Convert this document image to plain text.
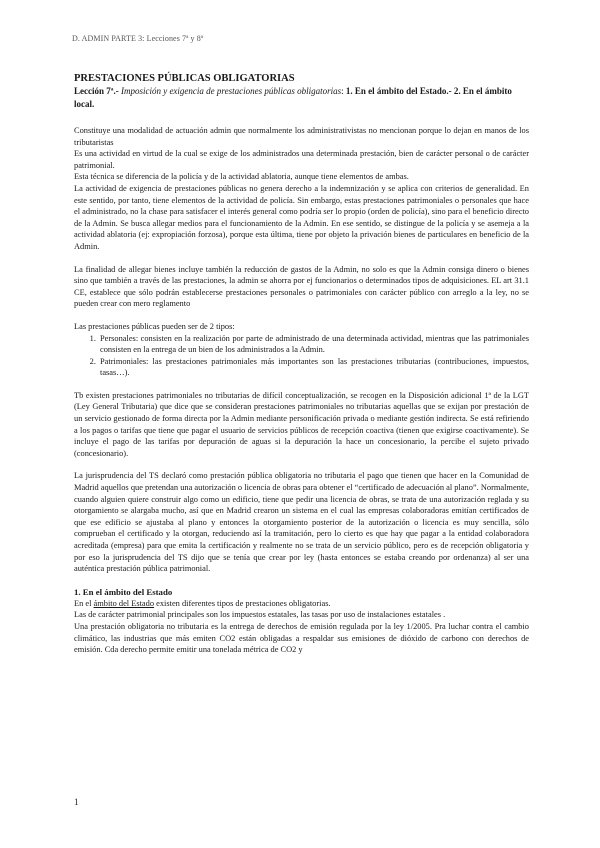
D. ADMIN PARTE 3: Lecciones 7ª y 8ª
PRESTACIONES PÚBLICAS OBLIGATORIAS
Lección 7ª.- Imposición y exigencia de prestaciones públicas obligatorias: 1. En el ámbito del Estado.- 2. En el ámbito local.

Constituye una modalidad de actuación admin que normalmente los administrativistas no mencionan porque lo dejan en manos de los tributaristas

Es una actividad en virtud de la cual se exige de los administrados una determinada prestación, bien de carácter personal o de carácter patrimonial.

Esta técnica se diferencia de la policía y de la actividad ablatoria, aunque tiene elementos de ambas.

La actividad de exigencia de prestaciones públicas no genera derecho a la indemnización y se aplica con criterios de generalidad. En este sentido, por tanto, tiene elementos de la actividad de policía. Sin embargo, estas prestaciones patrimoniales o personales que hace el administrado, no la chase para satisfacer el interés general como podría ser lo propio (orden de policía), sino para el beneficio directo de la Admin. Se busca allegar medios para el funcionamiento de la Admin. En ese sentido, se distingue de la policía y se asemeja a la actividad ablatoria (ej: expropiación forzosa), porque esta última, tiene por objeto la privación bienes de particulares en beneficio de la Admin.

La finalidad de allegar bienes incluye también la reducción de gastos de la Admin, no solo es que la Admin consiga dinero o bienes sino que también a través de las prestaciones, la admin se ahorra por ej funcionarios o determinados tipos de adquisiciones. EL art 31.1 CE, establece que sólo podrán establecerse prestaciones personales o patrimoniales con carácter público con arreglo a la ley, no se pueden crear con mero reglamento

Las prestaciones públicas pueden ser de 2 tipos:

1. Personales: consisten en la realización por parte de administrado de una determinada actividad, mientras que las patrimoniales consisten en la entrega de un bien de los administrados a la Admin.
2. Patrimoniales: las prestaciones patrimoniales más importantes son las prestaciones tributarias (contribuciones, impuestos, tasas…).

Tb existen prestaciones patrimoniales no tributarias de difícil conceptualización, se recogen en la Disposición adicional 1ª de la LGT (Ley General Tributaria) que dice que se consideran prestaciones patrimoniales no tributarias aquellas que se exijan por prestación de un servicio gestionado de forma directa por la Admin mediante personificación privada o mediante gestión indirecta. Se está refiriendo a los pagos o tarifas que tiene que pagar el usuario de servicios públicos de recepción coactiva (tienen que exigirse coactivamente). Se incluye el pago de las tarifas por depuración de aguas si la depuración la hace un concesionario, la percibe el sujeto privado (concesionario).

La jurisprudencia del TS declaró como prestación pública obligatoria no tributaria el pago que tienen que hacer en la Comunidad de Madrid aquellos que pretendan una autorización o licencia de obras para obtener el “certificado de adecuación al plano”. Normalmente, cuando alguien quiere construir algo como un edificio, tiene que pedir una licencia de obras, se trata de una autorización reglada y su otorgamiento se alargaba mucho, así que en Madrid crearon un sistema en el cual las empresas colaboradoras emitían certificados de que ese edificio se ajustaba al plano y entonces la otorgamiento posterior de la autorización o licencia es muy sencilla, sólo comprueban el certificado y la otorgan, reduciendo así la tramitación, pero lo cierto es que hay que pagar a la entidad colaboradora acreditada (empresa) para que emita la certificación y realmente no se trata de un servicio público, pero es de recepción obligatoria y por eso la jurisprudencia del TS dijo que se tenía que crear por ley (hasta entonces se estaba creando por ordenanza) al ser una auténtica prestación pública patrimonial.

1. En el ámbito del Estado

En el ámbito del Estado existen diferentes tipos de prestaciones obligatorias.

Las de carácter patrimonial principales son los impuestos estatales, las tasas por uso de instalaciones estatales .

Una prestación obligatoria no tributaria es la entrega de derechos de emisión regulada por la ley 1/2005. Pra luchar contra el cambio climático, las industrias que más emiten CO2 están obligadas a respaldar sus emisiones de dióxido de carbono con derechos de emisión. Cda derecho permite emitir una tonelada métrica de CO2 y

1
